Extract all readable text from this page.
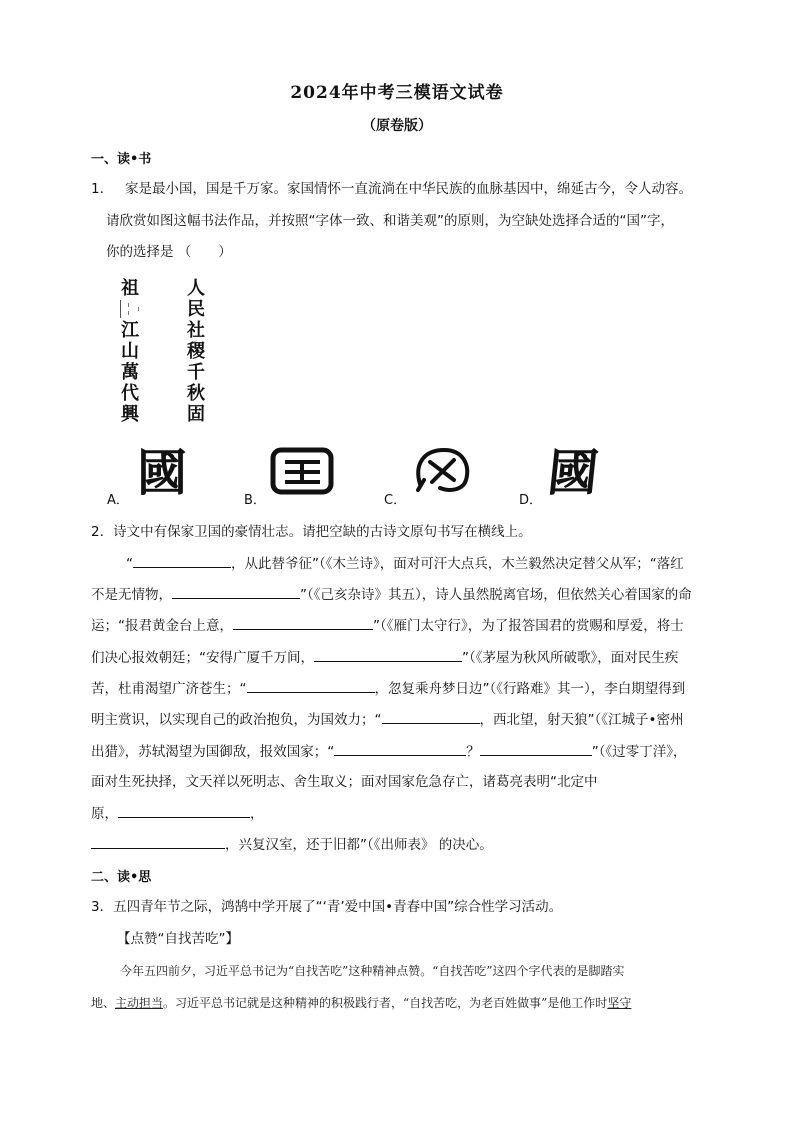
2024年中考三模语文试卷
（原卷版）
一、读•书
1． 家是最小国，国是千万家。家国情怀一直流淌在中华民族的血脉基因中，绵延古今，令人动容。
请欣赏如图这幅书法作品，并按照“字体一致、和谐美观”的原则，为空缺处选择合适的“国”字，
你的选择是 （　　）
祖
江
山
萬
代
興
人
民
社
稷
千
秋
固
A． 國	B．	C．	D． 國
2．诗文中有保家卫国的豪情壮志。请把空缺的古诗文原句书写在横线上。
“	，从此替爷征”（《木兰诗》，面对可汗大点兵，木兰毅然决定替父从军；“落红
不是无情物，	”（《己亥杂诗》其五），诗人虽然脱离官场，但依然关心着国家的命
运；“报君黄金台上意，	”（《雁门太守行》，为了报答国君的赏赐和厚爱，将士
们决心报效朝廷；“安得广厦千万间，	”（《茅屋为秋风所破歌》，面对民生疾
苦，杜甫渴望广济苍生；“	，忽复乘舟梦日边”（《行路难》其一），李白期望得到
明主赏识，以实现自己的政治抱负，为国效力；“	，西北望，射天狼”（《江城子•密州
出猎》，苏轼渴望为国御敌，报效国家；“	？	”（《过零丁洋》，
面对生死抉择，文天祥以死明志、舍生取义；面对国家危急存亡，诸葛亮表明“北定中
原，	，
，兴复汉室，还于旧都”（《出师表》 的决心。
二、读•思
3．五四青年节之际，鸿鹄中学开展了“‘青’爱中国•青春中国”综合性学习活动。
【点赞“自找苦吃”】
今年五四前夕，习近平总书记为“自找苦吃”这种精神点赞。“自找苦吃”这四个字代表的是脚踏实
地、主动担当。习近平总书记就是这种精神的积极践行者，“自找苦吃，为老百姓做事”是他工作时坚守
